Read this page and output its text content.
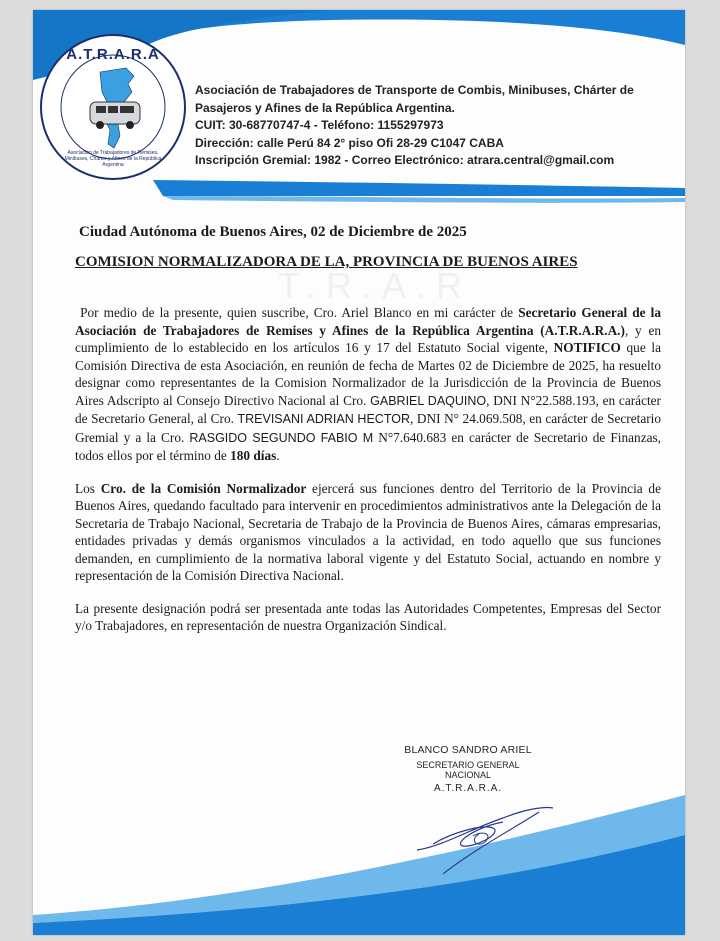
A.T.R.A.R.A
Asociación de Trabajadores de Remises, Minibuses, Chárter y Afines de la República Argentina
Asociación de Trabajadores de Transporte de Combis, Minibuses, Chárter de
Pasajeros y Afines de la República Argentina.
CUIT: 30-68770747-4 - Teléfono: 1155297973
Dirección: calle Perú 84 2° piso Ofi 28-29 C1047 CABA
Inscripción Gremial: 1982 - Correo Electrónico: atrara.central@gmail.com
T.R.A.R
Ciudad Autónoma de Buenos Aires, 02 de Diciembre de 2025
COMISION NORMALIZADORA DE LA, PROVINCIA DE BUENOS AIRES

Por medio de la presente, quien suscribe, Cro. Ariel Blanco en mi carácter de Secretario General de la Asociación de Trabajadores de Remises y Afines de la República Argentina (A.T.R.A.R.A.), y en cumplimiento de lo establecido en los artículos 16 y 17 del Estatuto Social vigente, NOTIFICO que la Comisión Directiva de esta Asociación, en reunión de fecha de Martes 02 de Diciembre de 2025, ha resuelto designar como representantes de la Comision Normalizador de la Jurisdicción de la Provincia de Buenos Aires Adscripto al Consejo Directivo Nacional al Cro. GABRIEL DAQUINO, DNI N°22.588.193, en carácter de Secretario General, al Cro. TREVISANI ADRIAN HECTOR, DNI N° 24.069.508, en carácter de Secretario Gremial y a la Cro. RASGIDO SEGUNDO FABIO M N°7.640.683 en carácter de Secretario de Finanzas, todos ellos por el término de 180 días.

Los Cro. de la Comisión Normalizador ejercerá sus funciones dentro del Territorio de la Provincia de Buenos Aires, quedando facultado para intervenir en procedimientos administrativos ante la Delegación de la Secretaria de Trabajo Nacional, Secretaria de Trabajo de la Provincia de Buenos Aires, cámaras empresarias, entidades privadas y demás organismos vinculados a la actividad, en todo aquello que sus funciones demanden, en cumplimiento de la normativa laboral vigente y del Estatuto Social, actuando en nombre y representación de la Comisión Directiva Nacional.

La presente designación podrá ser presentada ante todas las Autoridades Competentes, Empresas del Sector y/o Trabajadores, en representación de nuestra Organización Sindical.

BLANCO SANDRO ARIEL
SECRETARIO GENERAL NACIONAL
A.T.R.A.R.A.
